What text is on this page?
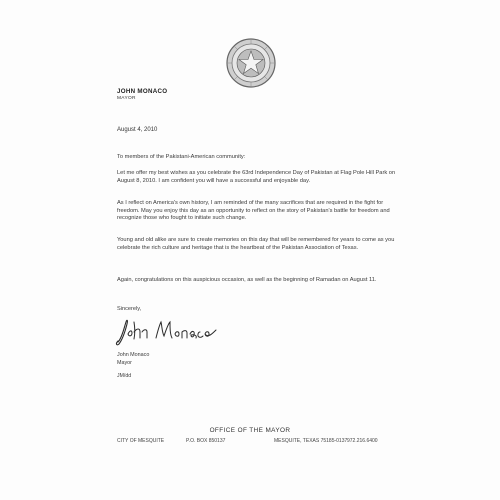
JOHN MONACO
MAYOR
August 4, 2010
To members of the Pakistani-American community:
Let me offer my best wishes as you celebrate the 63rd Independence Day of Pakistan at Flag Pole Hill Park on August 8, 2010. I am confident you will have a successful and enjoyable day.
As I reflect on America's own history, I am reminded of the many sacrifices that are required in the fight for freedom. May you enjoy this day as an opportunity to reflect on the story of Pakistan's battle for freedom and recognize those who fought to initiate such change.
Young and old alike are sure to create memories on this day that will be remembered for years to come as you celebrate the rich culture and heritage that is the heartbeat of the Pakistan Association of Texas.
Again, congratulations on this auspicious occasion, as well as the beginning of Ramadan on August 11.
Sincerely,
John Monaco
Mayor
JM/dd
OFFICE OF THE MAYOR
CITY OF MESQUITE	P.O. BOX 850137	MESQUITE, TEXAS 75185-0137 972.216.6400
